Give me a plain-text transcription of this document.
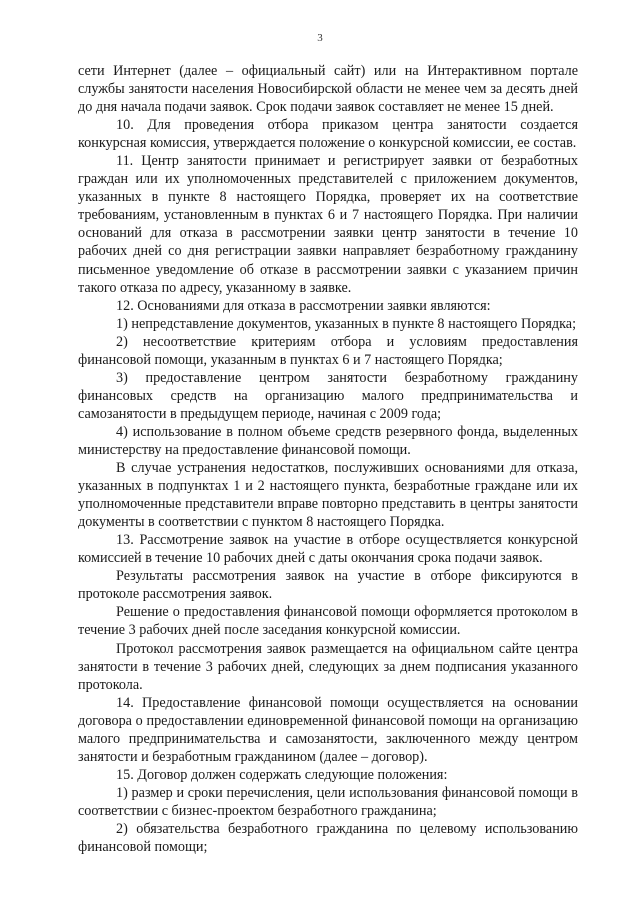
3

сети Интернет (далее – официальный сайт) или на Интерактивном портале службы занятости населения Новосибирской области не менее чем за десять дней до дня начала подачи заявок. Срок подачи заявок составляет не менее 15 дней.

10. Для проведения отбора приказом центра занятости создается конкурсная комиссия, утверждается положение о конкурсной комиссии, ее состав.

11. Центр занятости принимает и регистрирует заявки от безработных граждан или их уполномоченных представителей с приложением документов, указанных в пункте 8 настоящего Порядка, проверяет их на соответствие требованиям, установленным в пунктах 6 и 7 настоящего Порядка. При наличии оснований для отказа в рассмотрении заявки центр занятости в течение 10 рабочих дней со дня регистрации заявки направляет безработному гражданину письменное уведомление об отказе в рассмотрении заявки с указанием причин такого отказа по адресу, указанному в заявке.

12. Основаниями для отказа в рассмотрении заявки являются:

1) непредставление документов, указанных в пункте 8 настоящего Порядка;

2) несоответствие критериям отбора и условиям предоставления финансовой помощи, указанным в пунктах 6 и 7 настоящего Порядка;

3) предоставление центром занятости безработному гражданину финансовых средств на организацию малого предпринимательства и самозанятости в предыдущем периоде, начиная с 2009 года;

4) использование в полном объеме средств резервного фонда, выделенных министерству на предоставление финансовой помощи.

В случае устранения недостатков, послуживших основаниями для отказа, указанных в подпунктах 1 и 2 настоящего пункта, безработные граждане или их уполномоченные представители вправе повторно представить в центры занятости документы в соответствии с пунктом 8 настоящего Порядка.

13. Рассмотрение заявок на участие в отборе осуществляется конкурсной комиссией в течение 10 рабочих дней с даты окончания срока подачи заявок.

Результаты рассмотрения заявок на участие в отборе фиксируются в протоколе рассмотрения заявок.

Решение о предоставления финансовой помощи оформляется протоколом в течение 3 рабочих дней после заседания конкурсной комиссии.

Протокол рассмотрения заявок размещается на официальном сайте центра занятости в течение 3 рабочих дней, следующих за днем подписания указанного протокола.

14. Предоставление финансовой помощи осуществляется на основании договора о предоставлении единовременной финансовой помощи на организацию малого предпринимательства и самозанятости, заключенного между центром занятости и безработным гражданином (далее – договор).

15. Договор должен содержать следующие положения:

1) размер и сроки перечисления, цели использования финансовой помощи в соответствии с бизнес-проектом безработного гражданина;

2) обязательства безработного гражданина по целевому использованию финансовой помощи;
